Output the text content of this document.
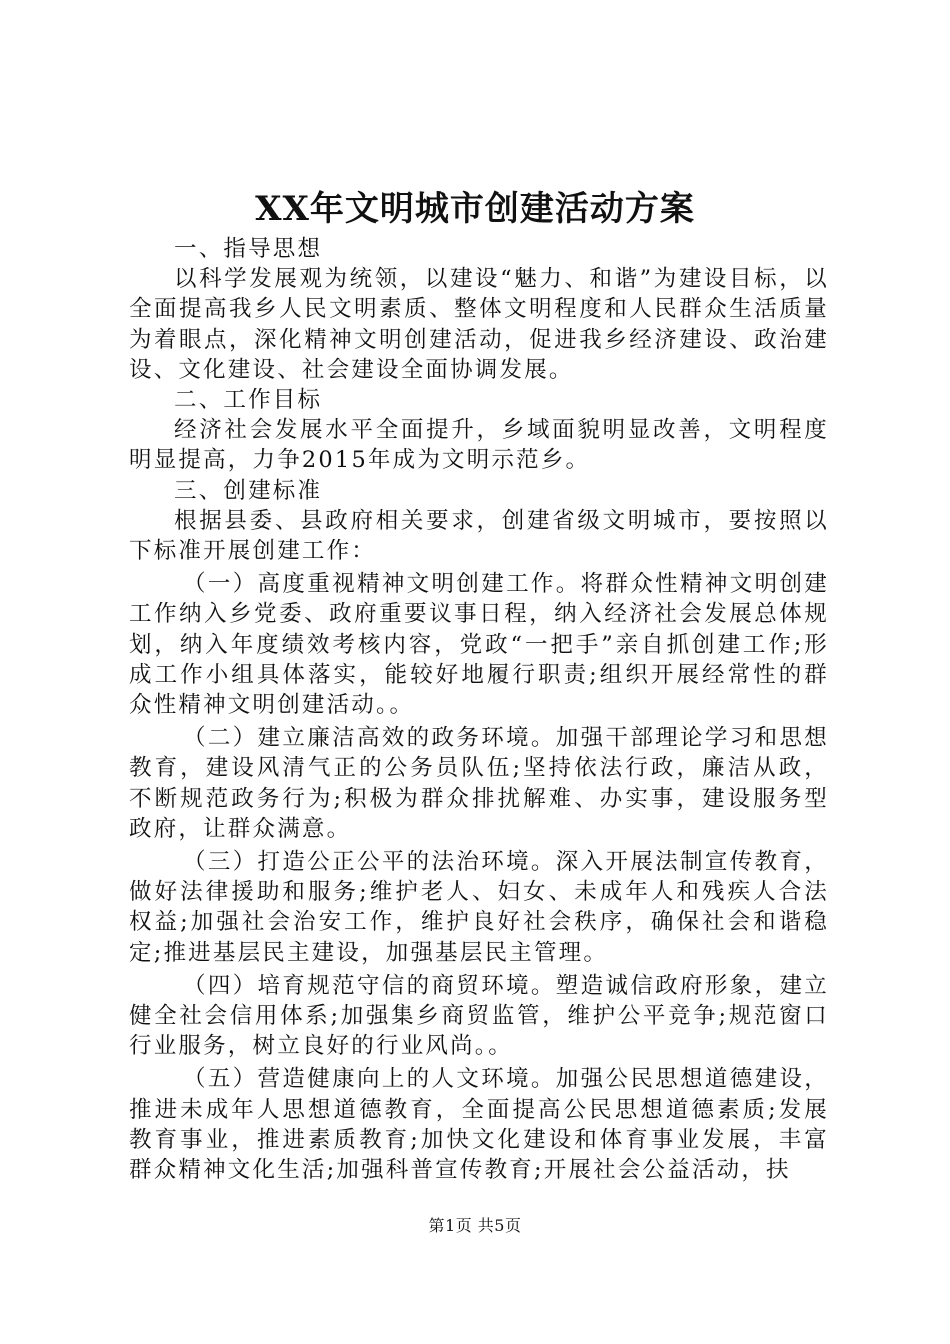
XX年文明城市创建活动方案

一、指导思想

以科学发展观为统领，以建设“魅力、和谐”为建设目标，以全面提高我乡人民文明素质、整体文明程度和人民群众生活质量为着眼点，深化精神文明创建活动，促进我乡经济建设、政治建设、文化建设、社会建设全面协调发展。

二、工作目标

经济社会发展水平全面提升，乡域面貌明显改善，文明程度明显提高，力争2015年成为文明示范乡。

三、创建标准

根据县委、县政府相关要求，创建省级文明城市，要按照以下标准开展创建工作：

（一）高度重视精神文明创建工作。将群众性精神文明创建工作纳入乡党委、政府重要议事日程，纳入经济社会发展总体规划，纳入年度绩效考核内容，党政“一把手”亲自抓创建工作;形成工作小组具体落实，能较好地履行职责;组织开展经常性的群众性精神文明创建活动。。

（二）建立廉洁高效的政务环境。加强干部理论学习和思想教育，建设风清气正的公务员队伍;坚持依法行政，廉洁从政，不断规范政务行为;积极为群众排扰解难、办实事，建设服务型政府，让群众满意。

（三）打造公正公平的法治环境。深入开展法制宣传教育，做好法律援助和服务;维护老人、妇女、未成年人和残疾人合法权益;加强社会治安工作，维护良好社会秩序，确保社会和谐稳定;推进基层民主建设，加强基层民主管理。

（四）培育规范守信的商贸环境。塑造诚信政府形象，建立健全社会信用体系;加强集乡商贸监管，维护公平竞争;规范窗口行业服务，树立良好的行业风尚。。

（五）营造健康向上的人文环境。加强公民思想道德建设，推进未成年人思想道德教育，全面提高公民思想道德素质;发展教育事业，推进素质教育;加快文化建设和体育事业发展，丰富群众精神文化生活;加强科普宣传教育;开展社会公益活动，扶

第1页 共5页
